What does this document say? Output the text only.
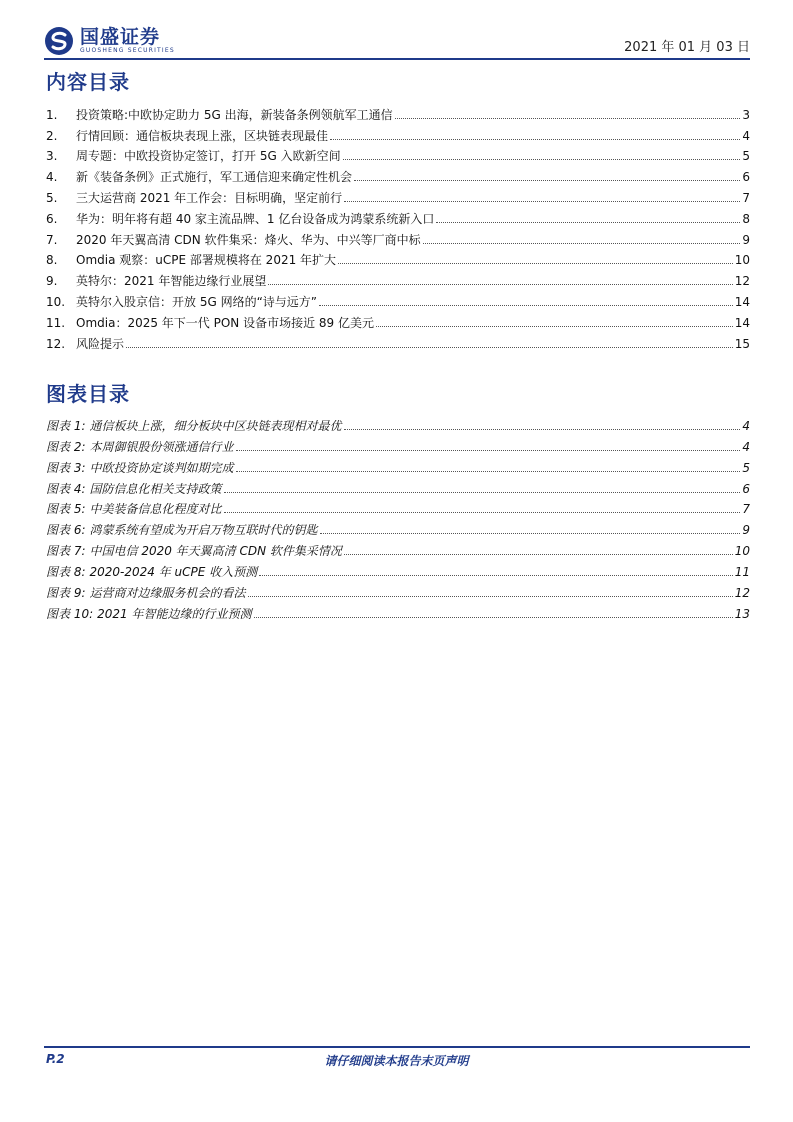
国盛证券
GUOSHENG SECURITIES	2021 年 01 月 03 日
内容目录
1.	投资策略:中欧协定助力 5G 出海，新装备条例领航军工通信	3
2.	行情回顾：通信板块表现上涨，区块链表现最佳	4
3.	周专题：中欧投资协定签订，打开 5G 入欧新空间	5
4.	新《装备条例》正式施行，军工通信迎来确定性机会	6
5.	三大运营商 2021 年工作会：目标明确，坚定前行	7
6.	华为：明年将有超 40 家主流品牌、1 亿台设备成为鸿蒙系统新入口	8
7.	2020 年天翼高清 CDN 软件集采：烽火、华为、中兴等厂商中标	9
8.	Omdia 观察：uCPE 部署规模将在 2021 年扩大	10
9.	英特尔：2021 年智能边缘行业展望	12
10. 英特尔入股京信：开放 5G 网络的“诗与远方”	14
11. Omdia：2025 年下一代 PON 设备市场接近 89 亿美元	14
12. 风险提示	15
图表目录
图表 1: 通信板块上涨，细分板块中区块链表现相对最优	4
图表 2: 本周御银股份领涨通信行业	4
图表 3: 中欧投资协定谈判如期完成	5
图表 4: 国防信息化相关支持政策	6
图表 5: 中美装备信息化程度对比	7
图表 6: 鸿蒙系统有望成为开启万物互联时代的钥匙	9
图表 7: 中国电信 2020 年天翼高清 CDN 软件集采情况	10
图表 8: 2020-2024 年 uCPE 收入预测	11
图表 9: 运营商对边缘服务机会的看法	12
图表 10: 2021 年智能边缘的行业预测	13
请仔细阅读本报告末页声明
P.2
